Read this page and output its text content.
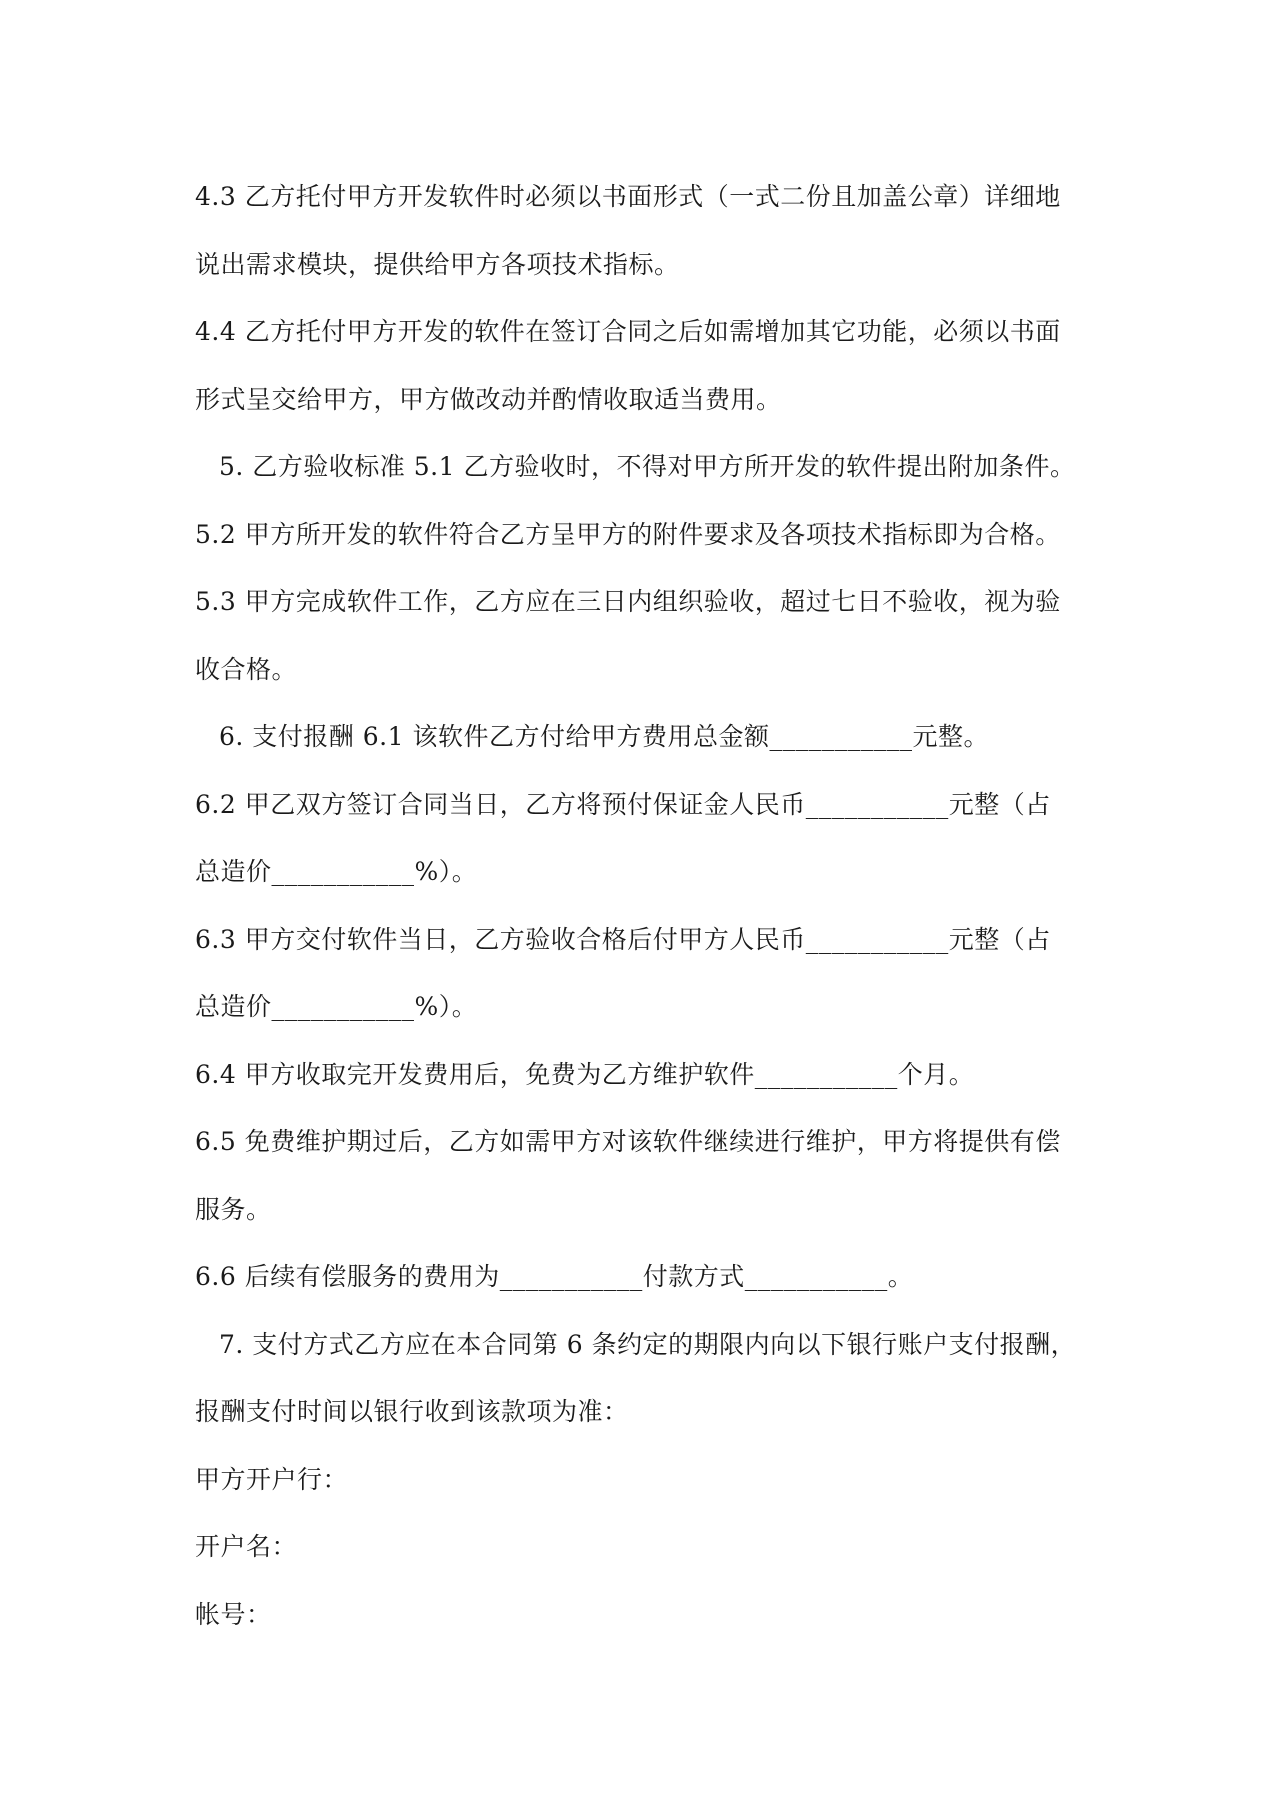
4.3 乙方托付甲方开发软件时必须以书面形式（一式二份且加盖公章）详细地
说出需求模块，提供给甲方各项技术指标。
4.4 乙方托付甲方开发的软件在签订合同之后如需增加其它功能，必须以书面
形式呈交给甲方，甲方做改动并酌情收取适当费用。
5. 乙方验收标准 5.1 乙方验收时，不得对甲方所开发的软件提出附加条件。
5.2 甲方所开发的软件符合乙方呈甲方的附件要求及各项技术指标即为合格。
5.3 甲方完成软件工作，乙方应在三日内组织验收，超过七日不验收，视为验
收合格。
6. 支付报酬 6.1 该软件乙方付给甲方费用总金额___________元整。
6.2 甲乙双方签订合同当日，乙方将预付保证金人民币___________元整（占
总造价___________%）。
6.3 甲方交付软件当日，乙方验收合格后付甲方人民币___________元整（占
总造价___________%）。
6.4 甲方收取完开发费用后，免费为乙方维护软件___________个月。
6.5 免费维护期过后，乙方如需甲方对该软件继续进行维护，甲方将提供有偿
服务。
6.6 后续有偿服务的费用为___________付款方式___________。
7. 支付方式乙方应在本合同第 6 条约定的期限内向以下银行账户支付报酬，
报酬支付时间以银行收到该款项为准：
甲方开户行：
开户名：
帐号：
